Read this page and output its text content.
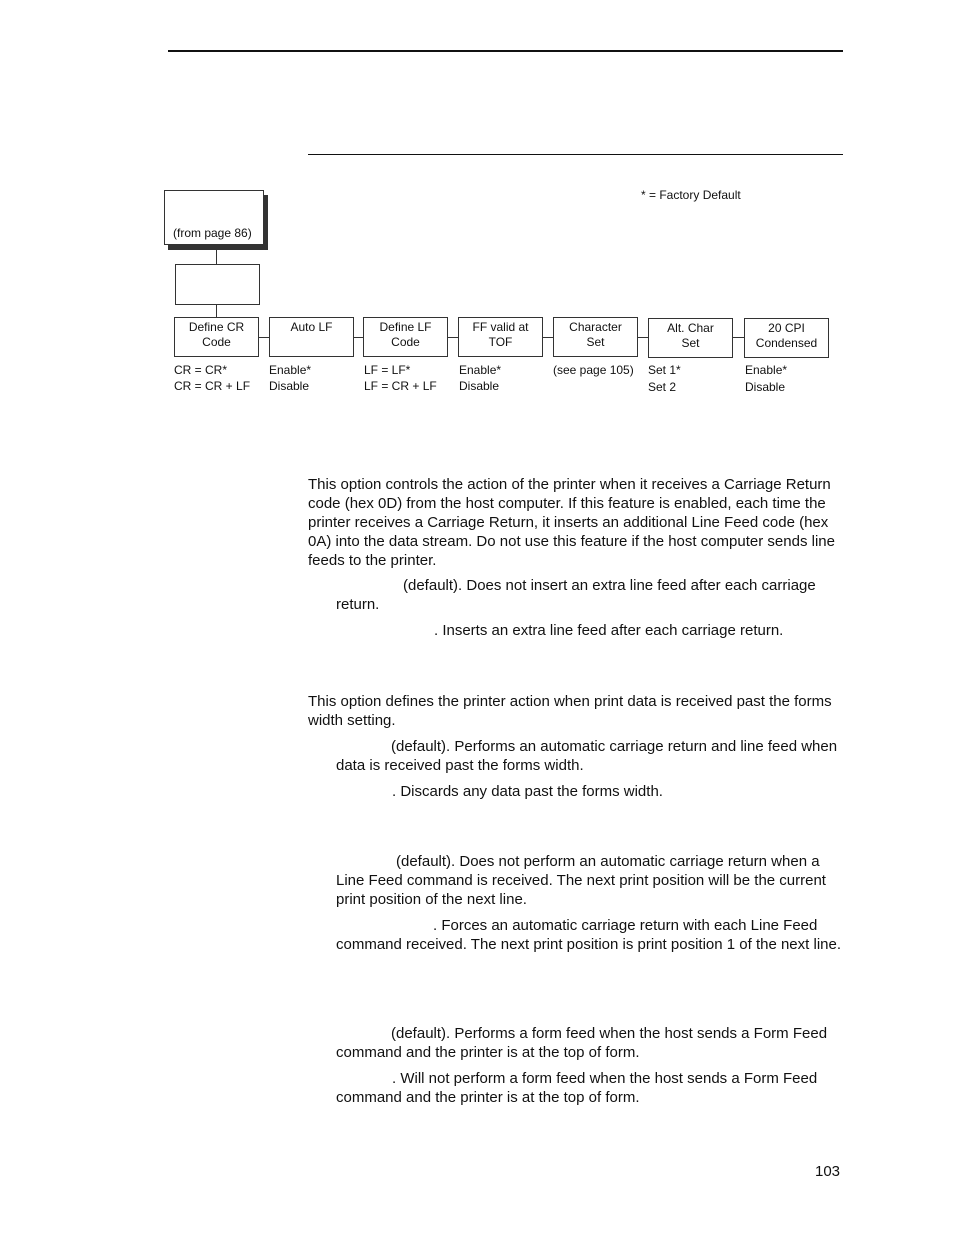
* = Factory Default
(from page 86)
Define CR
Code
Auto LF	Define LF
Code
FF valid at
TOF
Character
Set
Alt. Char
Set
20 CPI
Condensed
CR = CR*
CR = CR + LF
Enable*
Disable
LF = LF*
LF = CR + LF
Enable*
Disable
(see page 105) Set 1*
Set 2
Enable*
Disable

This option controls the action of the printer when it receives a Carriage Return code (hex 0D) from the host computer. If this feature is enabled, each time the printer receives a Carriage Return, it inserts an additional Line Feed code (hex 0A) into the data stream. Do not use this feature if the host computer sends line feeds to the printer.

(default). Does not insert an extra line feed after each carriage return.

. Inserts an extra line feed after each carriage return.

This option defines the printer action when print data is received past the forms width setting.

(default). Performs an automatic carriage return and line feed when data is received past the forms width.

. Discards any data past the forms width.

(default). Does not perform an automatic carriage return when a Line Feed command is received. The next print position will be the current print position of the next line.

. Forces an automatic carriage return with each Line Feed command received. The next print position is print position 1 of the next line.

(default). Performs a form feed when the host sends a Form Feed command and the printer is at the top of form.

. Will not perform a form feed when the host sends a Form Feed command and the printer is at the top of form.

103
